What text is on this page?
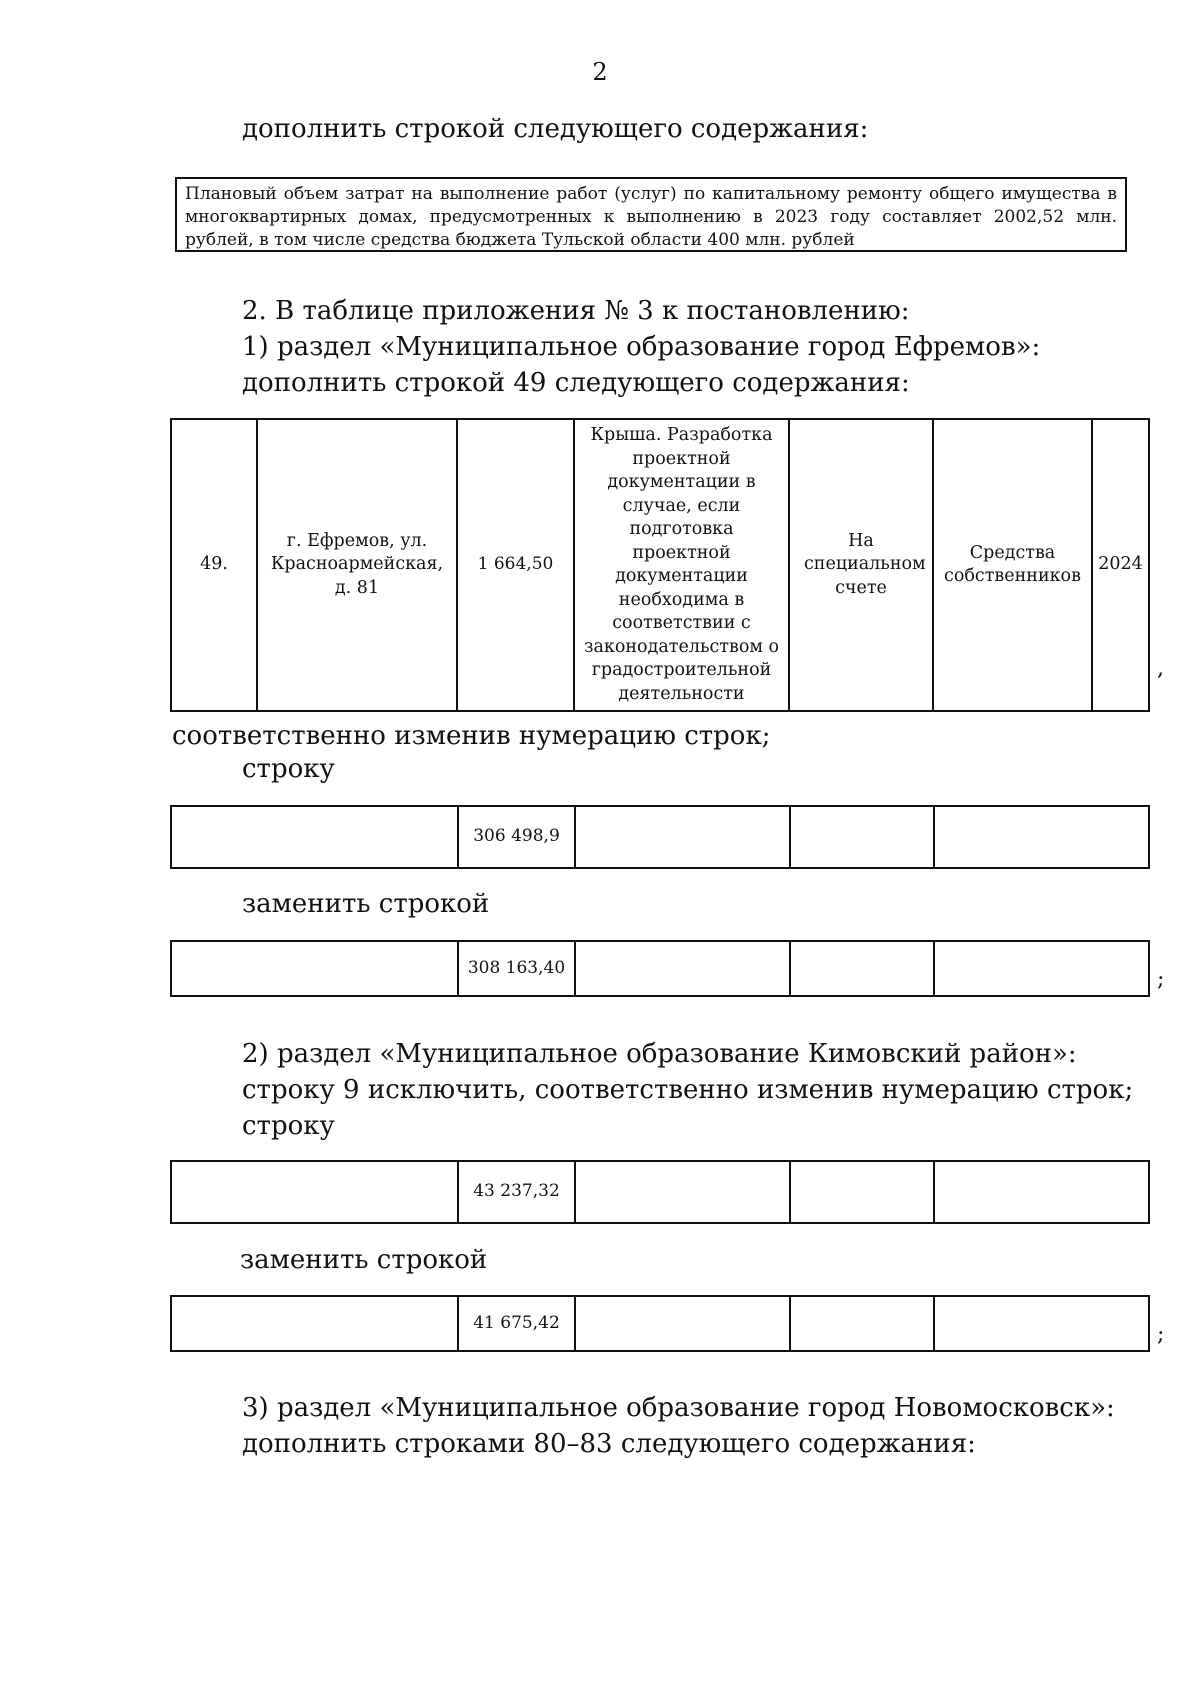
2
дополнить строкой следующего содержания:
Плановый объем затрат на выполнение работ (услуг) по капитальному ремонту общего имущества в многоквартирных домах, предусмотренных к выполнению в 2023 году составляет 2002,52 млн. рублей, в том числе средства бюджета Тульской области 400 млн. рублей
2. В таблице приложения № 3 к постановлению:
1) раздел «Муниципальное образование город Ефремов»:
дополнить строкой 49 следующего содержания:
49.	г. Ефремов, ул. Красноармейская, д. 81	1 664,50	Крыша. Разработка проектной документации в случае, если подготовка проектной документации необходима в соответствии с законодательством о градостроительной деятельности	На специальном счете	Средства собственников	2024
,
соответственно изменив нумерацию строк;
строку
	306 498,9			
заменить строкой
	308 163,40				;
2) раздел «Муниципальное образование Кимовский район»:
строку 9 исключить, соответственно изменив нумерацию строк;
строку
	43 237,32			
заменить строкой
	41 675,42				;
3) раздел «Муниципальное образование город Новомосковск»:
дополнить строками 80–83 следующего содержания:
